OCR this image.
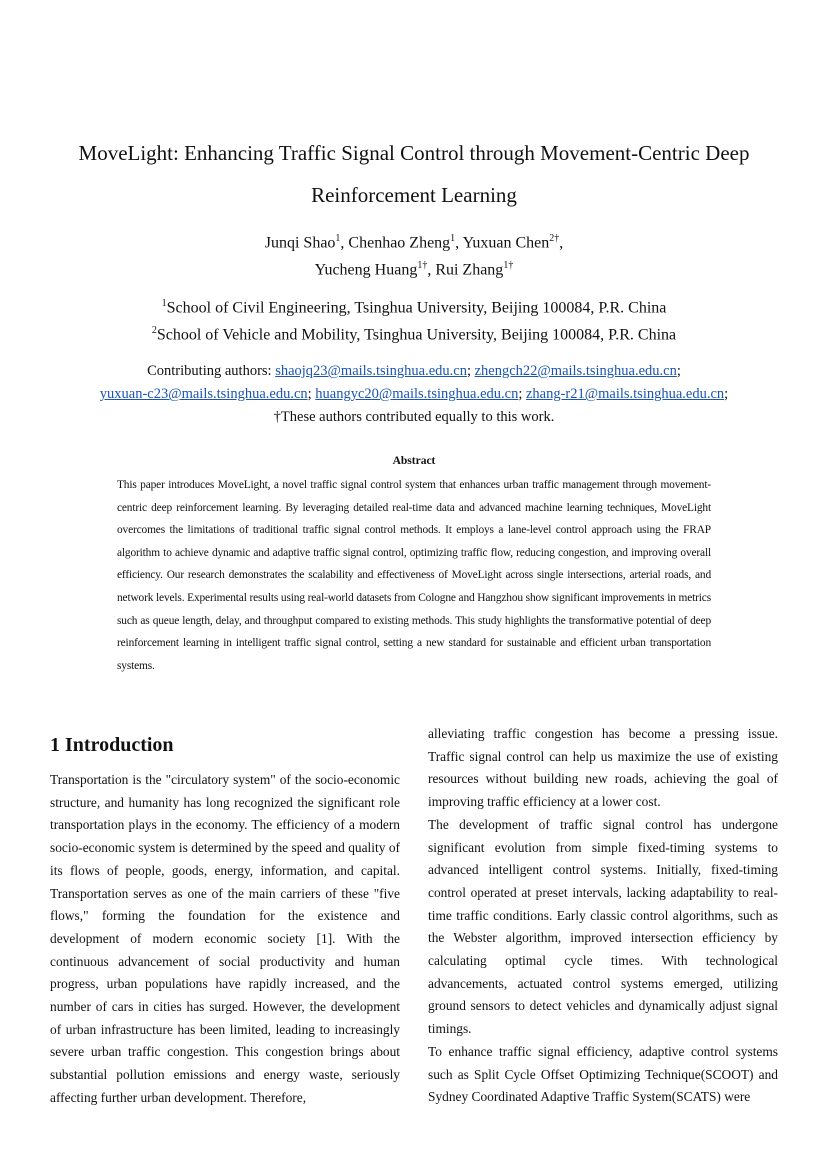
MoveLight: Enhancing Traffic Signal Control through Movement-Centric Deep
Reinforcement Learning
Junqi Shao$^1$, Chenhao Zheng$^1$, Yuxuan Chen$^{2\dagger}$,
Yucheng Huang$^{1\dagger}$, Rui Zhang$^{1\dagger}$
$^1$School of Civil Engineering, Tsinghua University, Beijing 100084, P.R. China
$^2$School of Vehicle and Mobility, Tsinghua University, Beijing 100084, P.R. China
Contributing authors: shaojq23@mails.tsinghua.edu.cn; zhengch22@mails.tsinghua.edu.cn;
yuxuan-c23@mails.tsinghua.edu.cn; huangyc20@mails.tsinghua.edu.cn; zhang-r21@mails.tsinghua.edu.cn;
†These authors contributed equally to this work.
Abstract
This paper introduces MoveLight, a novel traffic signal control system that enhances urban traffic management through movement-centric deep reinforcement learning. By leveraging detailed real-time data and advanced machine learning techniques, MoveLight overcomes the limitations of traditional traffic signal control methods. It employs a lane-level control approach using the FRAP algorithm to achieve dynamic and adaptive traffic signal control, optimizing traffic flow, reducing congestion, and improving overall efficiency. Our research demonstrates the scalability and effectiveness of MoveLight across single intersections, arterial roads, and network levels. Experimental results using real-world datasets from Cologne and Hangzhou show significant improvements in metrics such as queue length, delay, and throughput compared to existing methods. This study highlights the transformative potential of deep reinforcement learning in intelligent traffic signal control, setting a new standard for sustainable and efficient urban transportation systems.
1 Introduction

Transportation is the "circulatory system" of the socio-economic structure, and humanity has long recognized the significant role transportation plays in the economy. The efficiency of a modern socio-economic system is determined by the speed and quality of its flows of people, goods, energy, information, and capital. Transportation serves as one of the main carriers of these "five flows," forming the foundation for the existence and development of modern economic society [1]. With the continuous advancement of social productivity and human progress, urban populations have rapidly increased, and the number of cars in cities has surged. However, the development of urban infrastructure has been limited, leading to increasingly severe urban traffic congestion. This congestion brings about substantial pollution emissions and energy waste, seriously affecting further urban development. Therefore,

alleviating traffic congestion has become a pressing issue. Traffic signal control can help us maximize the use of existing resources without building new roads, achieving the goal of improving traffic efficiency at a lower cost.

The development of traffic signal control has undergone significant evolution from simple fixed-timing systems to advanced intelligent control systems. Initially, fixed-timing control operated at preset intervals, lacking adaptability to real-time traffic conditions. Early classic control algorithms, such as the Webster algorithm, improved intersection efficiency by calculating optimal cycle times. With technological advancements, actuated control systems emerged, utilizing ground sensors to detect vehicles and dynamically adjust signal timings.

To enhance traffic signal efficiency, adaptive control systems such as Split Cycle Offset Optimizing Technique(SCOOT) and Sydney Coordinated Adaptive Traffic System(SCATS) were
